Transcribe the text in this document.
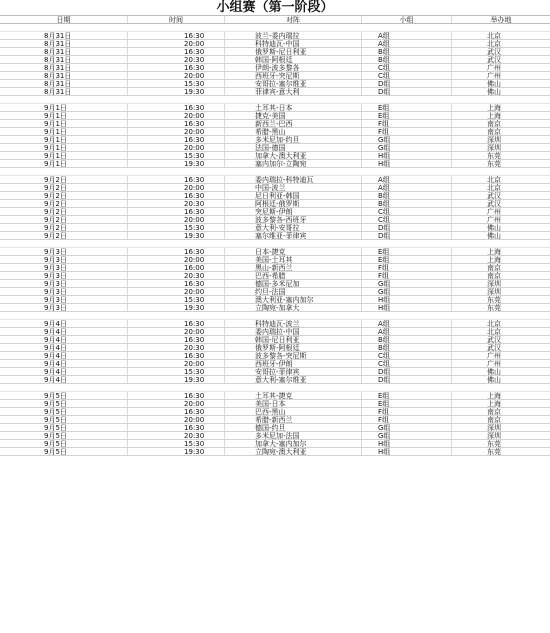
小组赛（第一阶段）
日期	时间	对阵	小组	举办地
8月31日	16:30	波兰-委内瑞拉	A组	北京
8月31日	20:00	科特迪瓦-中国	A组	北京
8月31日	16:30	俄罗斯-尼日利亚	B组	武汉
8月31日	20:30	韩国-阿根廷	B组	武汉
8月31日	16:30	伊朗-波多黎各	C组	广州
8月31日	20:00	西班牙-突尼斯	C组	广州
8月31日	15:30	安哥拉-塞尔维亚	D组	佛山
8月31日	19:30	菲律宾-意大利	D组	佛山
9月1日	16:30	土耳其-日本	E组	上海
9月1日	20:00	捷克-美国	E组	上海
9月1日	16:30	新西兰-巴西	F组	南京
9月1日	20:00	希腊-黑山	F组	南京
9月1日	16:30	多米尼加-约旦	G组	深圳
9月1日	20:00	法国-德国	G组	深圳
9月1日	15:30	加拿大-澳大利亚	H组	东莞
9月1日	19:30	塞内加尔-立陶宛	H组	东莞
9月2日	16:30	委内瑞拉-科特迪瓦	A组	北京
9月2日	20:00	中国-波兰	A组	北京
9月2日	16:30	尼日利亚-韩国	B组	武汉
9月2日	20:30	阿根廷-俄罗斯	B组	武汉
9月2日	16:30	突尼斯-伊朗	C组	广州
9月2日	20:00	波多黎各-西班牙	C组	广州
9月2日	15:30	意大利-安哥拉	D组	佛山
9月2日	19:30	塞尔维亚-菲律宾	D组	佛山
9月3日	16:30	日本-捷克	E组	上海
9月3日	20:00	美国-土耳其	E组	上海
9月3日	16:00	黑山-新西兰	F组	南京
9月3日	20:30	巴西-希腊	F组	南京
9月3日	16:30	德国-多米尼加	G组	深圳
9月3日	20:00	约旦-法国	G组	深圳
9月3日	15:30	澳大利亚-塞内加尔	H组	东莞
9月3日	19:30	立陶宛-加拿大	H组	东莞
9月4日	16:30	科特迪瓦-波兰	A组	北京
9月4日	20:00	委内瑞拉-中国	A组	北京
9月4日	16:30	韩国-尼日利亚	B组	武汉
9月4日	20:30	俄罗斯-阿根廷	B组	武汉
9月4日	16:30	波多黎各-突尼斯	C组	广州
9月4日	20:00	西班牙-伊朗	C组	广州
9月4日	15:30	安哥拉-菲律宾	D组	佛山
9月4日	19:30	意大利-塞尔维亚	D组	佛山
9月5日	16:30	土耳其-捷克	E组	上海
9月5日	20:00	美国-日本	E组	上海
9月5日	16:30	巴西-黑山	F组	南京
9月5日	20:00	希腊-新西兰	F组	南京
9月5日	16:30	德国-约旦	G组	深圳
9月5日	20:30	多米尼加-法国	G组	深圳
9月5日	15:30	加拿大-塞内加尔	H组	东莞
9月5日	19:30	立陶宛-澳大利亚	H组	东莞
